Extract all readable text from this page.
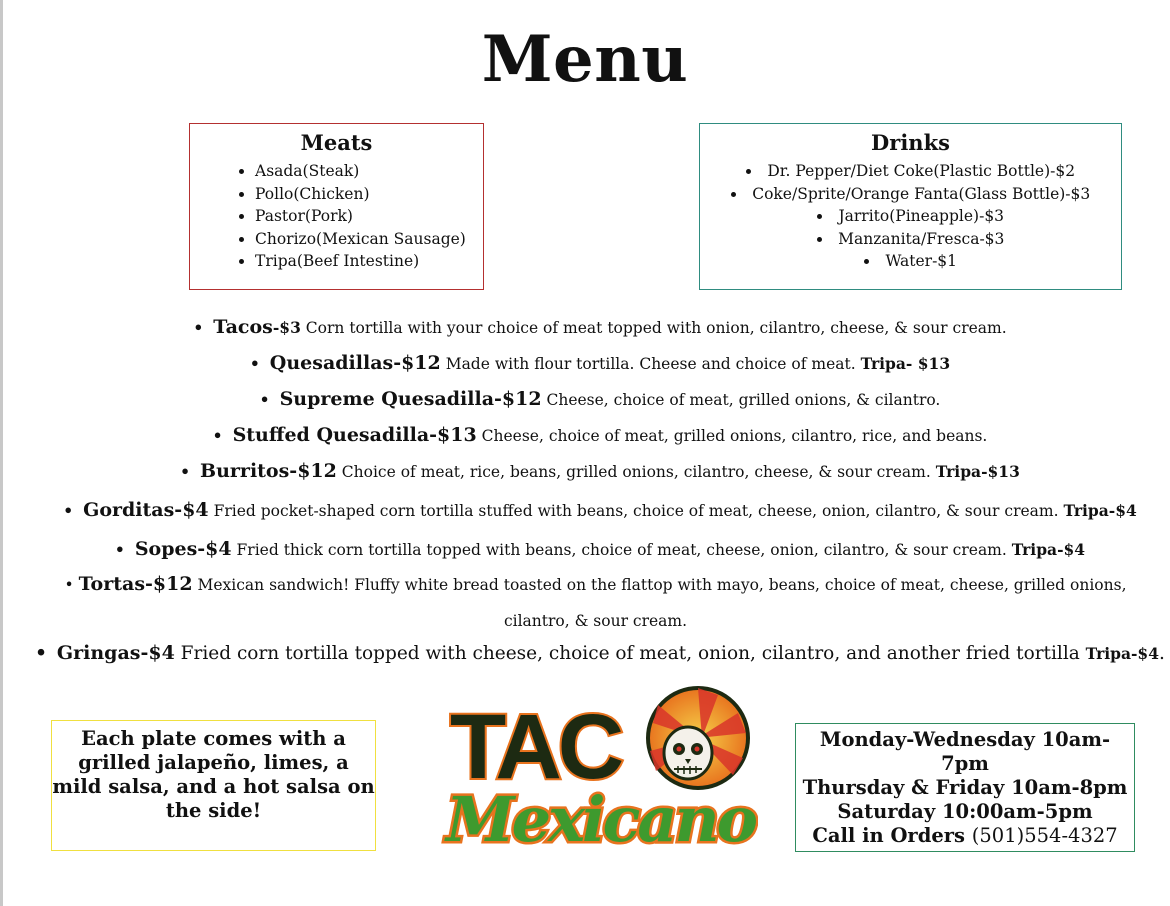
Menu
Meats
• Asada(Steak)
• Pollo(Chicken)
• Pastor(Pork)
• Chorizo(Mexican Sausage)
• Tripa(Beef Intestine)
Drinks
• Dr. Pepper/Diet Coke(Plastic Bottle)-$2
• Coke/Sprite/Orange Fanta(Glass Bottle)-$3
• Jarrito(Pineapple)-$3
• Manzanita/Fresca-$3
• Water-$1
• Tacos-$3 Corn tortilla with your choice of meat topped with onion, cilantro, cheese, & sour cream.
• Quesadillas-$12 Made with flour tortilla. Cheese and choice of meat. Tripa- $13
• Supreme Quesadilla-$12 Cheese, choice of meat, grilled onions, & cilantro.
• Stuffed Quesadilla-$13 Cheese, choice of meat, grilled onions, cilantro, rice, and beans.
• Burritos-$12 Choice of meat, rice, beans, grilled onions, cilantro, cheese, & sour cream. Tripa-$13
• Gorditas-$4 Fried pocket-shaped corn tortilla stuffed with beans, choice of meat, cheese, onion, cilantro, & sour cream. Tripa-$4
• Sopes-$4 Fried thick corn tortilla topped with beans, choice of meat, cheese, onion, cilantro, & sour cream. Tripa-$4
• Tortas-$12 Mexican sandwich! Fluffy white bread toasted on the flattop with mayo, beans, choice of meat, cheese, grilled onions, cilantro, & sour cream.
• Gringas-$4 Fried corn tortilla topped with cheese, choice of meat, onion, cilantro, and another fried tortilla Tripa-$4.
Each plate comes with a grilled jalapeño, limes, a mild salsa, and a hot salsa on the side!
TAC
Mexicano
Monday-Wednesday 10am-7pm
Thursday & Friday 10am-8pm
Saturday 10:00am-5pm
Call in Orders (501)554-4327
